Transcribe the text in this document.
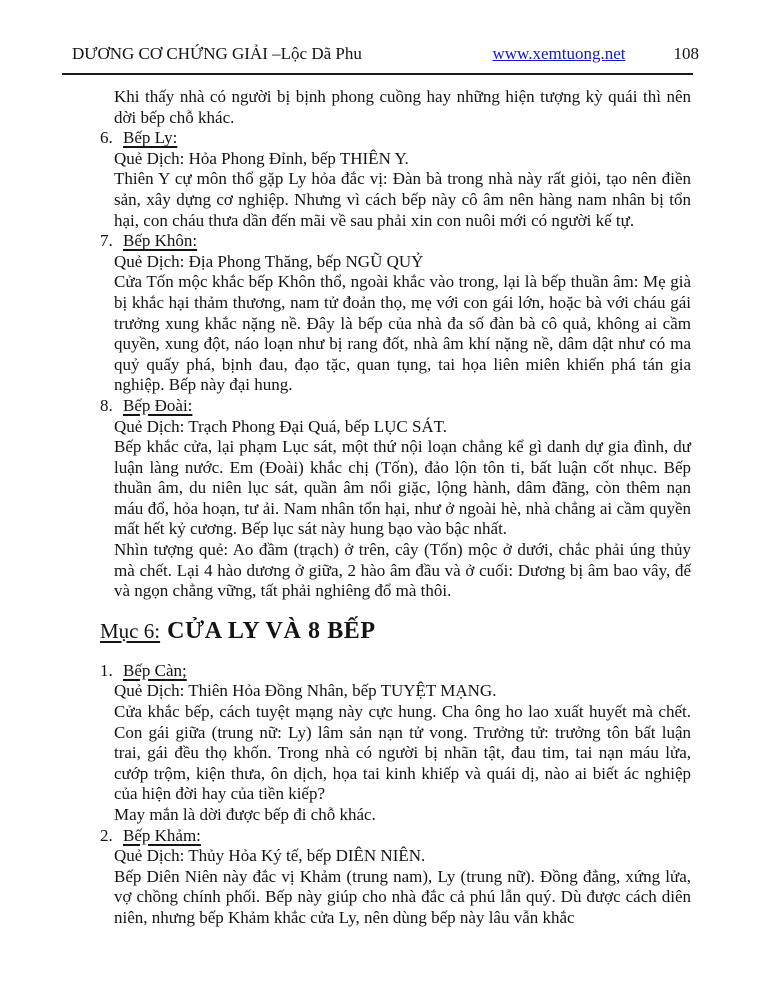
DƯƠNG CƠ CHỨNG GIẢI –Lộc Dã Phu	www.xemtuong.net	108

Khi thấy nhà có người bị bịnh phong cuồng hay những hiện tượng kỳ quái thì nên dời bếp chỗ khác.

6. Bếp Ly:

Quẻ Dịch: Hỏa Phong Đỉnh, bếp THIÊN Y.

Thiên Y cự môn thổ gặp Ly hỏa đắc vị: Đàn bà trong nhà này rất giỏi, tạo nên điền sản, xây dựng cơ nghiệp. Nhưng vì cách bếp này cô âm nên hàng nam nhân bị tổn hại, con cháu thưa dần đến mãi về sau phải xin con nuôi mới có người kế tự.

7. Bếp Khôn:

Quẻ Dịch: Địa Phong Thăng, bếp NGŨ QUỶ

Cửa Tốn mộc khắc bếp Khôn thổ, ngoài khắc vào trong, lại là bếp thuần âm: Mẹ già bị khắc hại thảm thương, nam tử đoản thọ, mẹ với con gái lớn, hoặc bà với cháu gái trưởng xung khắc nặng nề. Đây là bếp của nhà đa số đàn bà cô quả, không ai cầm quyền, xung đột, náo loạn như bị rang đốt, nhà âm khí nặng nề, dâm dật như có ma quỷ quấy phá, bịnh đau, đạo tặc, quan tụng, tai họa liên miên khiến phá tán gia nghiệp. Bếp này đại hung.

8. Bếp Đoài:

Quẻ Dịch: Trạch Phong Đại Quá, bếp LỤC SÁT.

Bếp khắc cửa, lại phạm Lục sát, một thứ nội loạn chẳng kể gì danh dự gia đình, dư luận làng nước. Em (Đoài) khắc chị (Tốn), đảo lộn tôn ti, bất luận cốt nhục. Bếp thuần âm, du niên lục sát, quần âm nổi giặc, lộng hành, dâm đãng, còn thêm nạn máu đổ, hỏa hoạn, tư ải. Nam nhân tổn hại, như ở ngoài hè, nhà chẳng ai cầm quyền mất hết kỷ cương. Bếp lục sát này hung bạo vào bậc nhất.

Nhìn tượng quẻ: Ao đầm (trạch) ở trên, cây (Tốn) mộc ở dưới, chắc phải úng thủy mà chết. Lại 4 hào dương ở giữa, 2 hào âm đầu và ở cuối: Dương bị âm bao vây, đế và ngọn chẳng vững, tất phải nghiêng đổ mà thôi.

Mục 6: CỬA LY VÀ 8 BẾP

1. Bếp Càn;

Quẻ Dịch: Thiên Hỏa Đồng Nhân, bếp TUYỆT MẠNG.

Cửa khắc bếp, cách tuyệt mạng này cực hung. Cha ông ho lao xuất huyết mà chết. Con gái giữa (trung nữ: Ly) lâm sản nạn tử vong. Trưởng tử: trưởng tôn bất luận trai, gái đều thọ khốn. Trong nhà có người bị nhãn tật, đau tim, tai nạn máu lửa, cướp trộm, kiện thưa, ôn dịch, họa tai kinh khiếp và quái dị, nào ai biết ác nghiệp của hiện đời hay của tiền kiếp?

May mắn là dời được bếp đi chỗ khác.

2. Bếp Khảm:

Quẻ Dịch: Thủy Hỏa Ký tế, bếp DIÊN NIÊN.

Bếp Diên Niên này đắc vị Khảm (trung nam), Ly (trung nữ). Đồng đẳng, xứng lửa, vợ chồng chính phối. Bếp này giúp cho nhà đắc cả phú lẫn quý. Dù được cách diên niên, nhưng bếp Khảm khắc cửa Ly, nên dùng bếp này lâu vẫn khắc
